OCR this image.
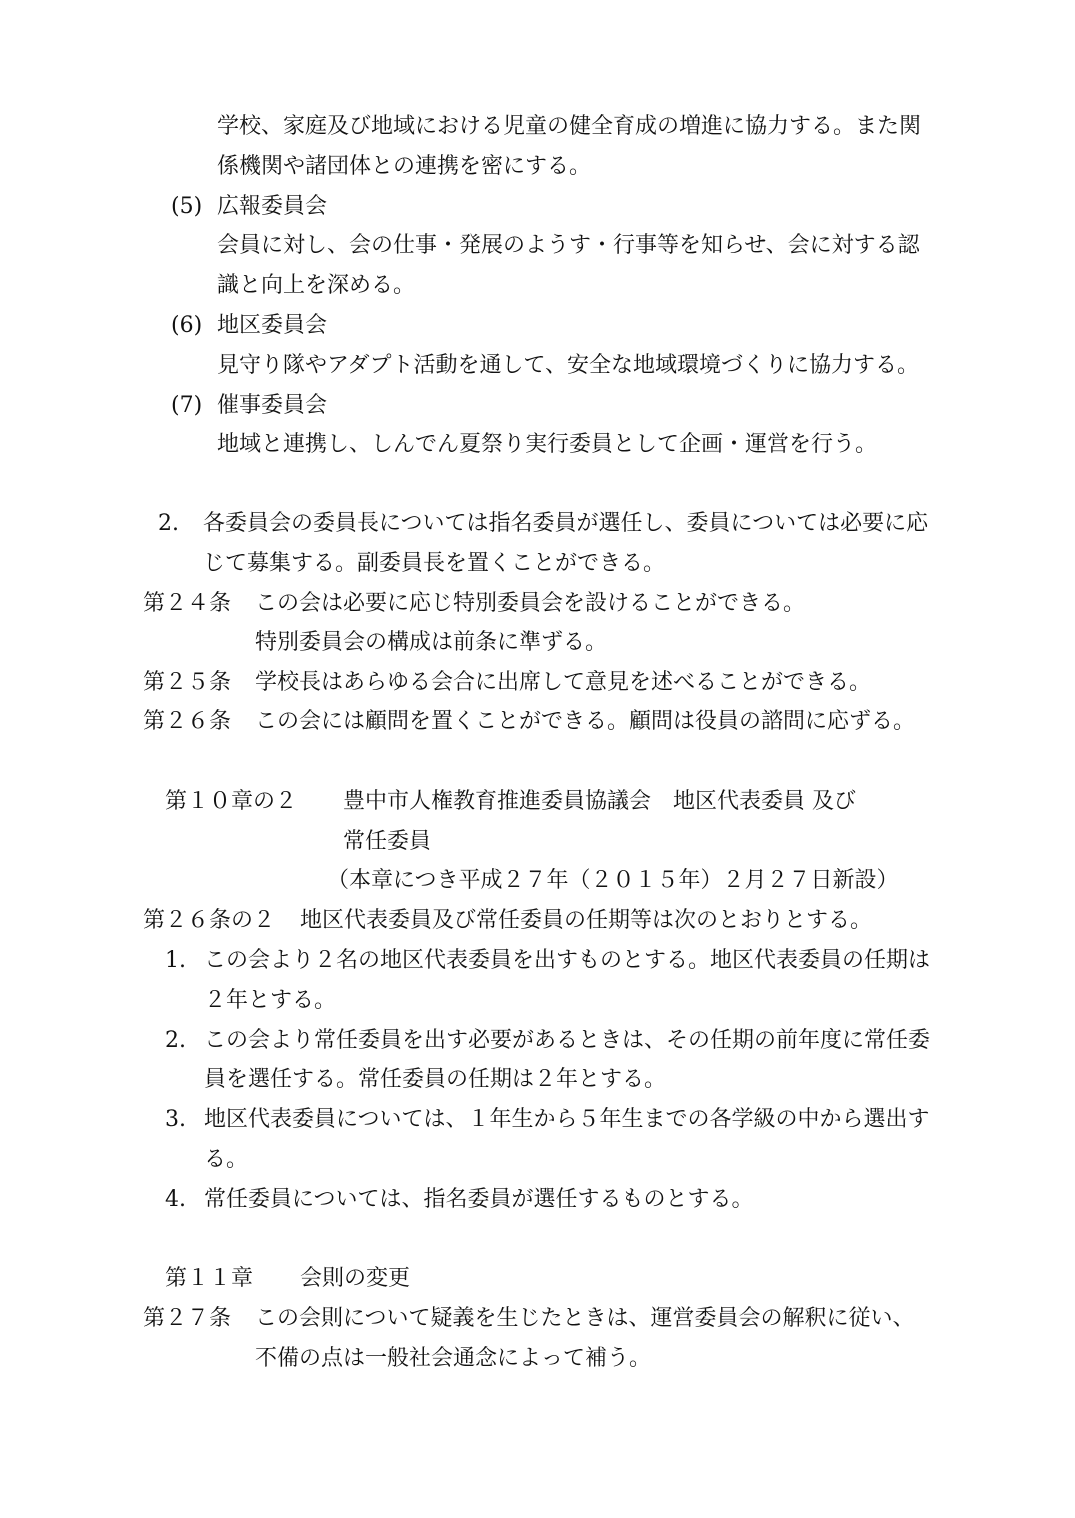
学校、家庭及び地域における児童の健全育成の増進に協力する。また関
係機関や諸団体との連携を密にする。
(5) 広報委員会
会員に対し、会の仕事・発展のようす・行事等を知らせ、会に対する認
識と向上を深める。
(6) 地区委員会
見守り隊やアダプト活動を通して、安全な地域環境づくりに協力する。
(7) 催事委員会
地域と連携し、しんでん夏祭り実行委員として企画・運営を行う。
2. 各委員会の委員長については指名委員が選任し、委員については必要に応
じて募集する。副委員長を置くことができる。
第２４条 この会は必要に応じ特別委員会を設けることができる。
特別委員会の構成は前条に準ずる。
第２５条 学校長はあらゆる会合に出席して意見を述べることができる。
第２６条 この会には顧問を置くことができる。顧問は役員の諮問に応ずる。
第１０章の２ 豊中市人権教育推進委員協議会　地区代表委員 及び
常任委員
（本章につき平成２７年（２０１５年）２月２７日新設）
第２６条の２ 地区代表委員及び常任委員の任期等は次のとおりとする。
1. この会より２名の地区代表委員を出すものとする。地区代表委員の任期は
２年とする。
2. この会より常任委員を出す必要があるときは、その任期の前年度に常任委
員を選任する。常任委員の任期は２年とする。
3. 地区代表委員については、１年生から５年生までの各学級の中から選出す
る。
4. 常任委員については、指名委員が選任するものとする。
第１１章 会則の変更
第２７条 この会則について疑義を生じたときは、運営委員会の解釈に従い、
不備の点は一般社会通念によって補う。
